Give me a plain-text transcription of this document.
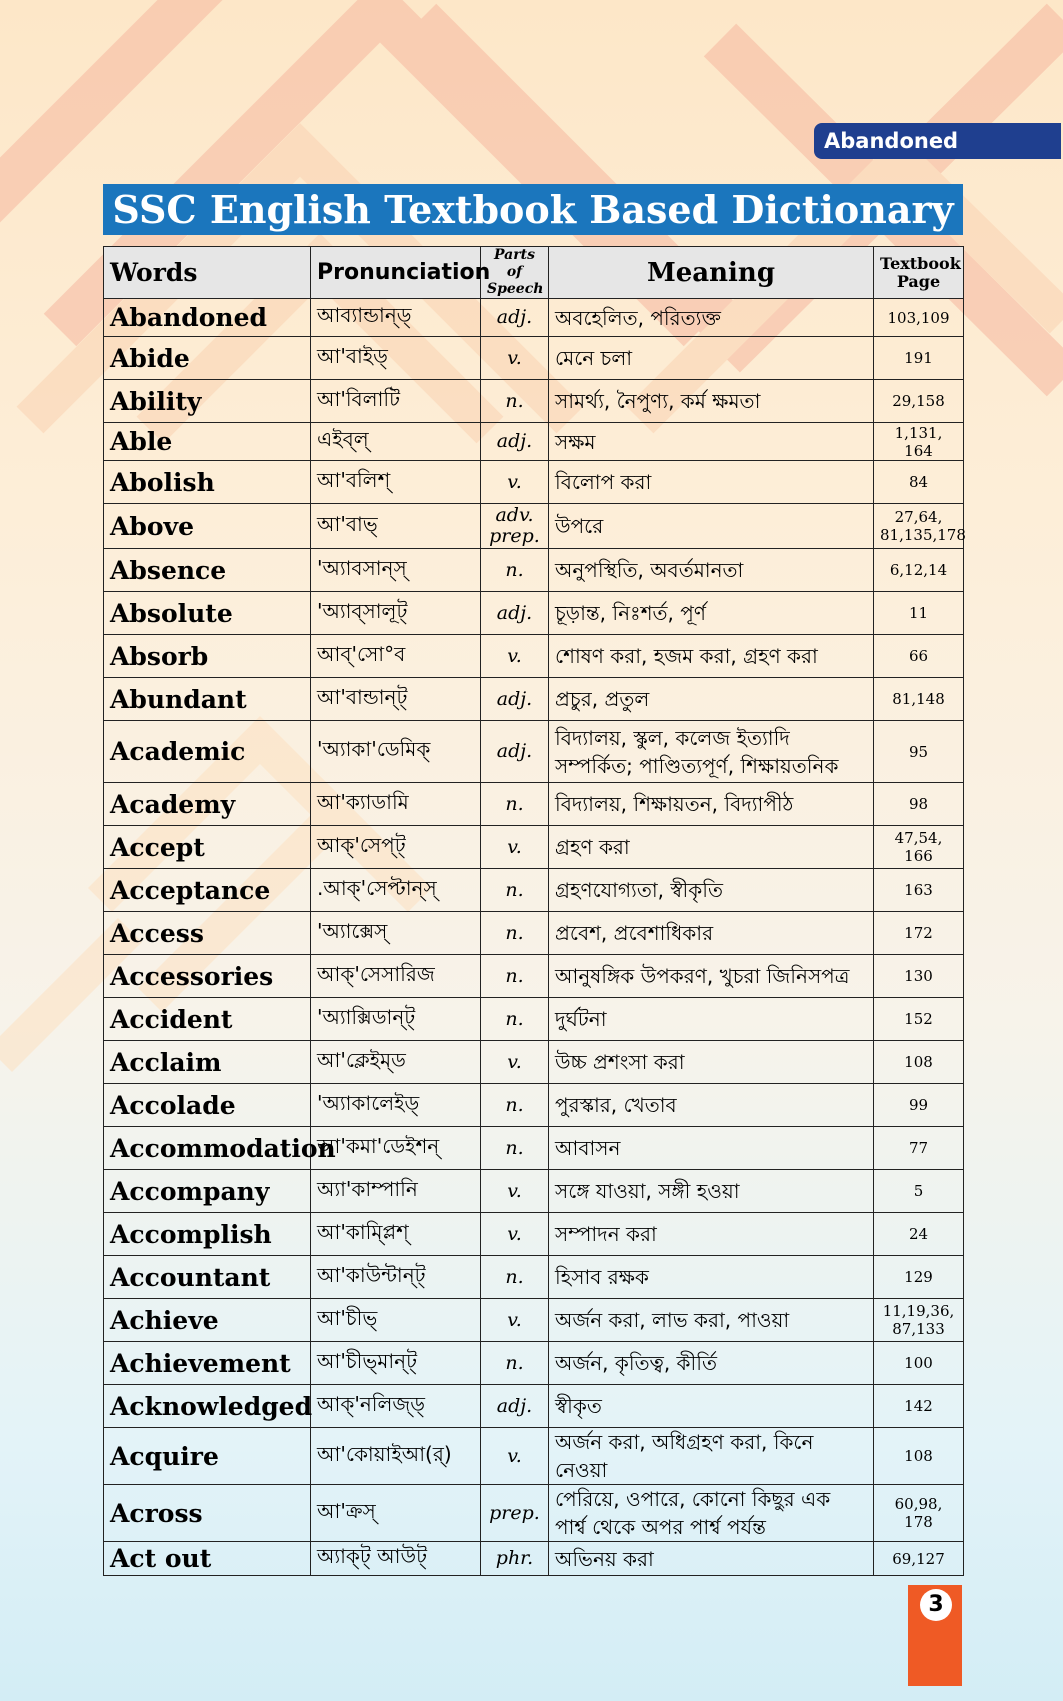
Abandoned
SSC English Textbook Based Dictionary
Words	Pronunciation	Parts of Speech	Meaning	Textbook Page
Abandoned	আব্যান্ডান্ড্	adj.	অবহেলিত, পরিত্যক্ত	103,109
Abide	আ'বাইড্	v.	মেনে চলা	191
Ability	আ'বিলাটি	n.	সামর্থ্য, নৈপুণ্য, কর্ম ক্ষমতা	29,158
Able	এইব্ল্	adj.	সক্ষম	1,131, 164
Abolish	আ'বলিশ্	v.	বিলোপ করা	84
Above	আ'বাভ্	adv. prep.	উপরে	27,64, 81,135,178
Absence	'অ্যাবসান্স্	n.	অনুপস্থিতি, অবর্তমানতা	6,12,14
Absolute	'অ্যাব্সালূট্	adj.	চূড়ান্ত, নিঃশর্ত, পূর্ণ	11
Absorb	আব্'সো°ব	v.	শোষণ করা, হজম করা, গ্রহণ করা	66
Abundant	আ'বান্ডান্ট্	adj.	প্রচুর, প্রতুল	81,148
Academic	'অ্যাকা'ডেমিক্	adj.	বিদ্যালয়, স্কুল, কলেজ ইত্যাদি সম্পর্কিত; পাণ্ডিত্যপূর্ণ, শিক্ষায়তনিক	95
Academy	আ'ক্যাডামি	n.	বিদ্যালয়, শিক্ষায়তন, বিদ্যাপীঠ	98
Accept	আক্'সেপ্ট্	v.	গ্রহণ করা	47,54, 166
Acceptance	.আক্'সেপ্টান্স্	n.	গ্রহণযোগ্যতা, স্বীকৃতি	163
Access	'অ্যাক্সেস্	n.	প্রবেশ, প্রবেশাধিকার	172
Accessories	আক্'সেসারিজ	n.	আনুষঙ্গিক উপকরণ, খুচরা জিনিসপত্র	130
Accident	'অ্যাক্সিডান্ট্	n.	দুর্ঘটনা	152
Acclaim	আ'ক্লেইম্ড	v.	উচ্চ প্রশংসা করা	108
Accolade	'অ্যাকালেইড্	n.	পুরস্কার, খেতাব	99
Accommodation	আ'কমা'ডেইশন্	n.	আবাসন	77
Accompany	অ্যা'কাম্পানি	v.	সঙ্গে যাওয়া, সঙ্গী হওয়া	5
Accomplish	আ'কাম্প্লিশ্	v.	সম্পাদন করা	24
Accountant	আ'কাউন্টান্ট্	n.	হিসাব রক্ষক	129
Achieve	আ'চীভ্	v.	অর্জন করা, লাভ করা, পাওয়া	11,19,36, 87,133
Achievement	আ'চীভ্মান্ট্	n.	অর্জন, কৃতিত্ব, কীর্তি	100
Acknowledged	আক্'নলিজ্ড্	adj.	স্বীকৃত	142
Acquire	আ'কোয়াইআ(র্)	v.	অর্জন করা, অধিগ্রহণ করা, কিনে নেওয়া	108
Across	আ'ক্রস্	prep.	পেরিয়ে, ওপারে, কোনো কিছুর এক পার্শ্ব থেকে অপর পার্শ্ব পর্যন্ত	60,98, 178
Act out	অ্যাক্ট্ আউট্	phr.	অভিনয় করা	69,127
3
